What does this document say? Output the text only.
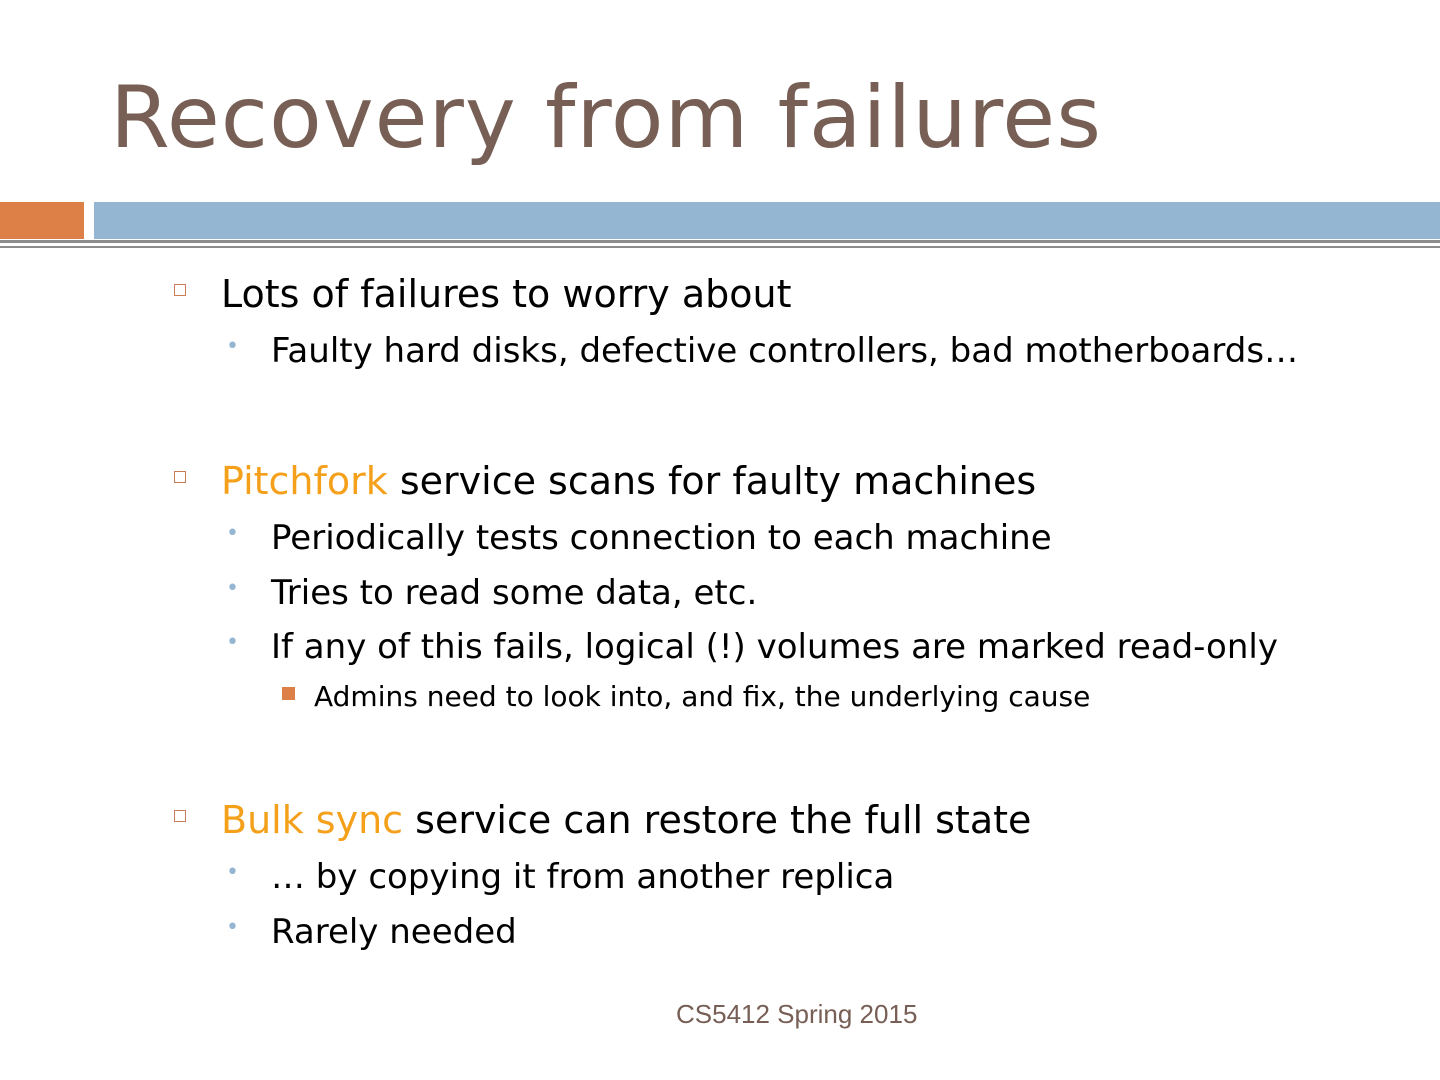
Recovery from failures
Lots of failures to worry about
• Faulty hard disks, defective controllers, bad motherboards…
Pitchfork service scans for faulty machines
• Periodically tests connection to each machine
• Tries to read some data, etc.
• If any of this fails, logical (!) volumes are marked read-only
Admins need to look into, and fix, the underlying cause
Bulk sync service can restore the full state
• … by copying it from another replica
• Rarely needed
CS5412 Spring 2015
